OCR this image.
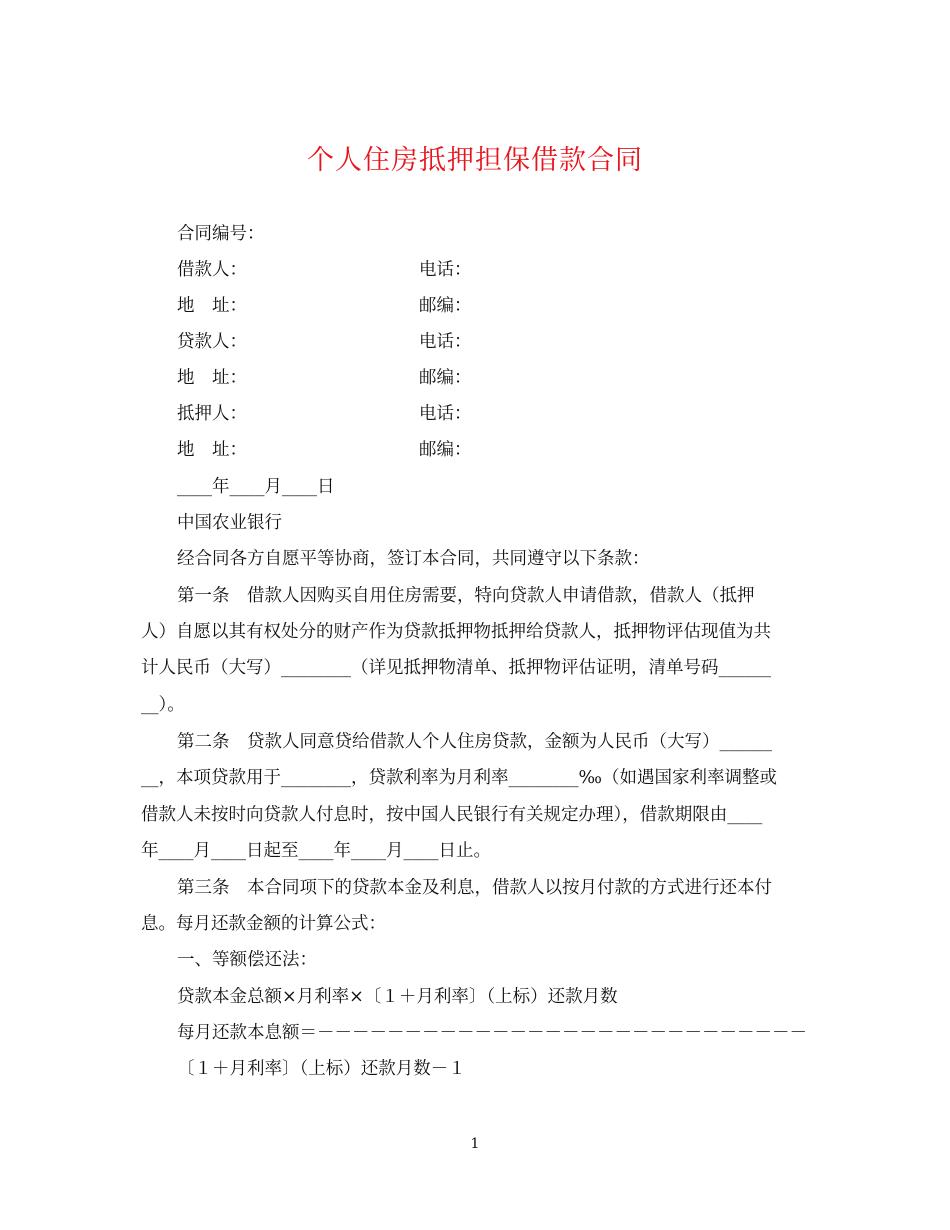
个人住房抵押担保借款合同
合同编号：
借款人：	电话：
地　址：	邮编：
贷款人：	电话：
地　址：	邮编：
抵押人：	电话：
地　址：	邮编：
____年____月____日
中国农业银行
经合同各方自愿平等协商，签订本合同，共同遵守以下条款：
第一条　借款人因购买自用住房需要，特向贷款人申请借款，借款人（抵押
人）自愿以其有权处分的财产作为贷款抵押物抵押给贷款人，抵押物评估现值为共
计人民币（大写）________（详见抵押物清单、抵押物评估证明，清单号码______
__）。
第二条　贷款人同意贷给借款人个人住房贷款，金额为人民币（大写）______
__，本项贷款用于________，贷款利率为月利率________‰（如遇国家利率调整或
借款人未按时向贷款人付息时，按中国人民银行有关规定办理），借款期限由____
年____月____日起至____年____月____日止。
第三条　本合同项下的贷款本金及利息，借款人以按月付款的方式进行还本付
息。每月还款金额的计算公式：
一、等额偿还法：
贷款本金总额×月利率×〔１＋月利率〕（上标）还款月数
每月还款本息额＝－－－－－－－－－－－－－－－－－－－－－－－－－－－－
〔１＋月利率〕（上标）还款月数－１
1
